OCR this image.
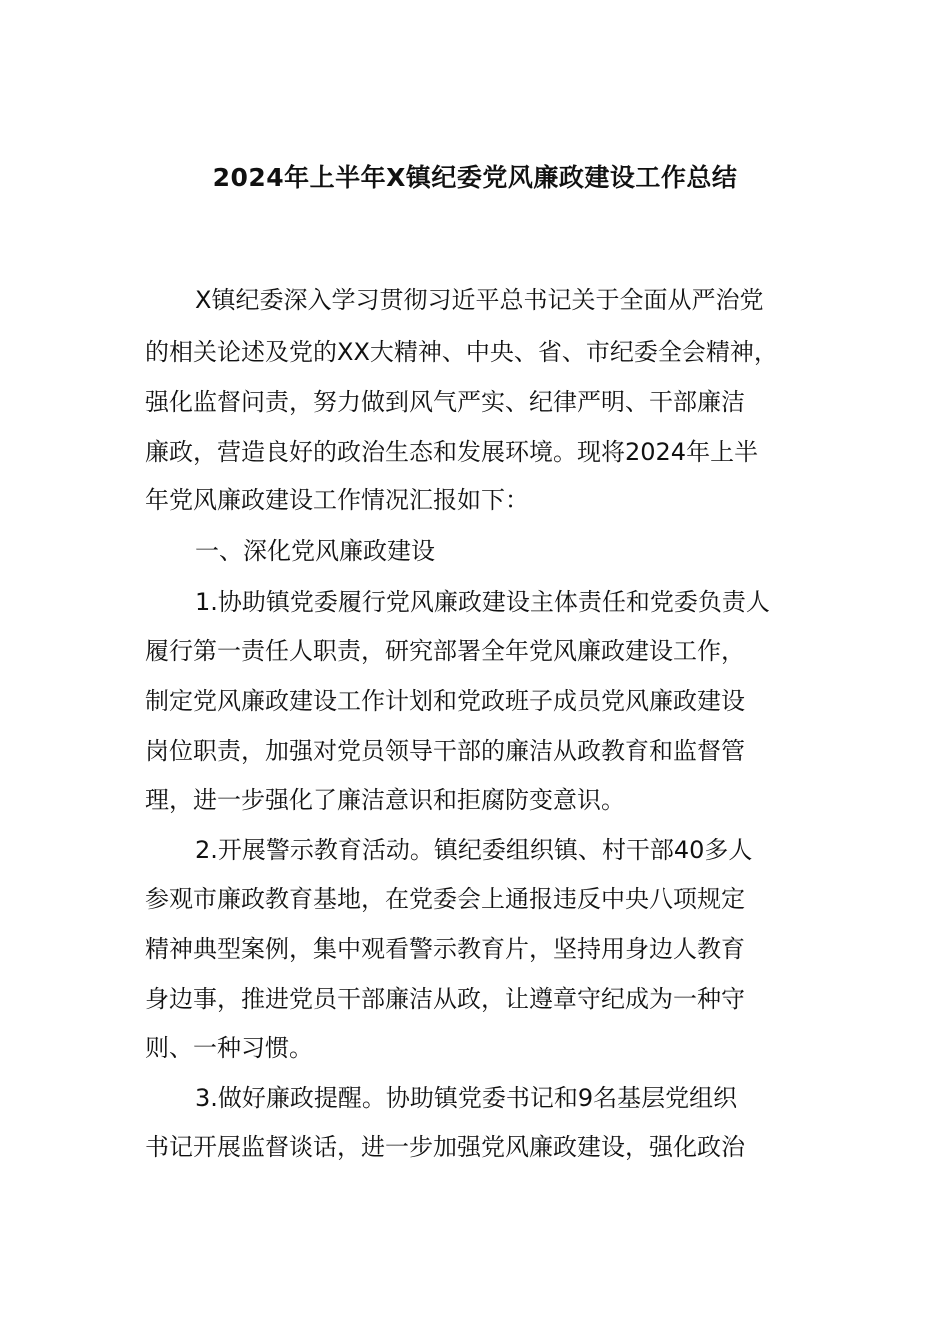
2024年上半年X镇纪委党风廉政建设工作总结

X镇纪委深入学习贯彻习近平总书记关于全面从严治党

的相关论述及党的XX大精神、中央、省、市纪委全会精神，

强化监督问责，努力做到风气严实、纪律严明、干部廉洁

廉政，营造良好的政治生态和发展环境。现将2024年上半

年党风廉政建设工作情况汇报如下：

一、深化党风廉政建设

1.协助镇党委履行党风廉政建设主体责任和党委负责人

履行第一责任人职责，研究部署全年党风廉政建设工作，

制定党风廉政建设工作计划和党政班子成员党风廉政建设

岗位职责，加强对党员领导干部的廉洁从政教育和监督管

理，进一步强化了廉洁意识和拒腐防变意识。

2.开展警示教育活动。镇纪委组织镇、村干部40多人

参观市廉政教育基地，在党委会上通报违反中央八项规定

精神典型案例，集中观看警示教育片，坚持用身边人教育

身边事，推进党员干部廉洁从政，让遵章守纪成为一种守

则、一种习惯。

3.做好廉政提醒。协助镇党委书记和9名基层党组织

书记开展监督谈话，进一步加强党风廉政建设，强化政治
